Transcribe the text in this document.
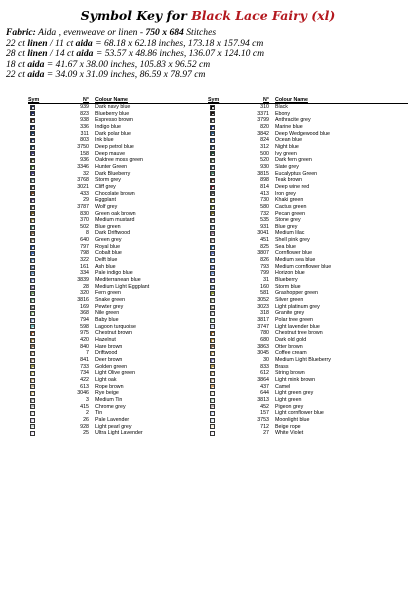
Symbol Key for Black Lace Fairy (xl)
Fabric: Aida , evenweave or linen - 750 x 684 Stitches
22 ct linen / 11 ct aida = 68.18 x 62.18 inches, 173.18 x 157.94 cm
28 ct linen / 14 ct aida = 53.57 x 48.86 inches, 136.07 x 124.10 cm
18 ct aida = 41.67 x 38.00 inches, 105.83 x 96.52 cm
22 ct aida = 34.09 x 31.09 inches, 86.59 x 78.97 cm
Sym	N°	Colour Name
939	Dark navy blue
823	Blueberry blue
938	Espresso brown
336	Indigo blue
311	Dark polar blue
803	Ink blue
3750	Deep petrol blue
158	Deep mauve
936	Oaktree moss green
3346	Hunter Green
32	Dark Blueberry
3768	Storm grey
3021	Cliff grey
433	Chocolate brown
29	Eggplant
3787	Wolf grey
830	Green oak brown
370	Medium mustard
502	Blue green
8	Dark Driftwood
640	Green grey
797	Royal blue
798	Cobalt blue
322	Delft blue
161	Ash blue
334	Pale indigo blue
3839	Mediterranean blue
28	Medium Light Eggplant
320	Fern green
3816	Snake green
169	Pewter grey
368	Nile green
794	Baby blue
598	Lagoon turquoise
975	Chestnut brown
420	Hazelnut
840	Hare brown
7	Driftwood
841	Deer brown
733	Golden green
734	Light Olive green
422	Light oak
613	Rope brown
3046	Rye beige
3	Medium Tin
415	Chrome grey
2	Tin
26	Pale Lavender
928	Light pearl grey
25	Ultra Light Lavender
Sym	N°	Colour Name
310	Black
3371	Ebony
3799	Anthracite grey
820	Marine blue
3842	Deep Wedgewood blue
824	Ocean blue
312	Night blue
500	Ivy green
520	Dark fern green
930	Slate grey
3815	Eucalyptus Green
898	Teak brown
814	Deep wine red
413	Iron grey
730	Khaki green
580	Cactus green
732	Pecan green
535	Stone grey
931	Blue grey
3041	Medium lilac
451	Shell pink grey
825	Sea blue
3807	Cornflower blue
826	Medium sea blue
793	Medium cornflower blue
799	Horizon blue
31	Blueberry
160	Storm blue
581	Grashopper green
3052	Silver green
3023	Light platinum grey
318	Granite grey
3817	Polar tree green
3747	Light lavender blue
780	Chestnut tree brown
680	Dark old gold
3863	Otter brown
3045	Coffee cream
30	Medium Light Blueberry
833	Brass
612	String brown
3864	Light mink brown
437	Camel
644	Light green grey
3813	Light green
452	Pigeon grey
157	Light cornflower blue
3753	Moonlight blue
712	Beige rope
27	White Violet
